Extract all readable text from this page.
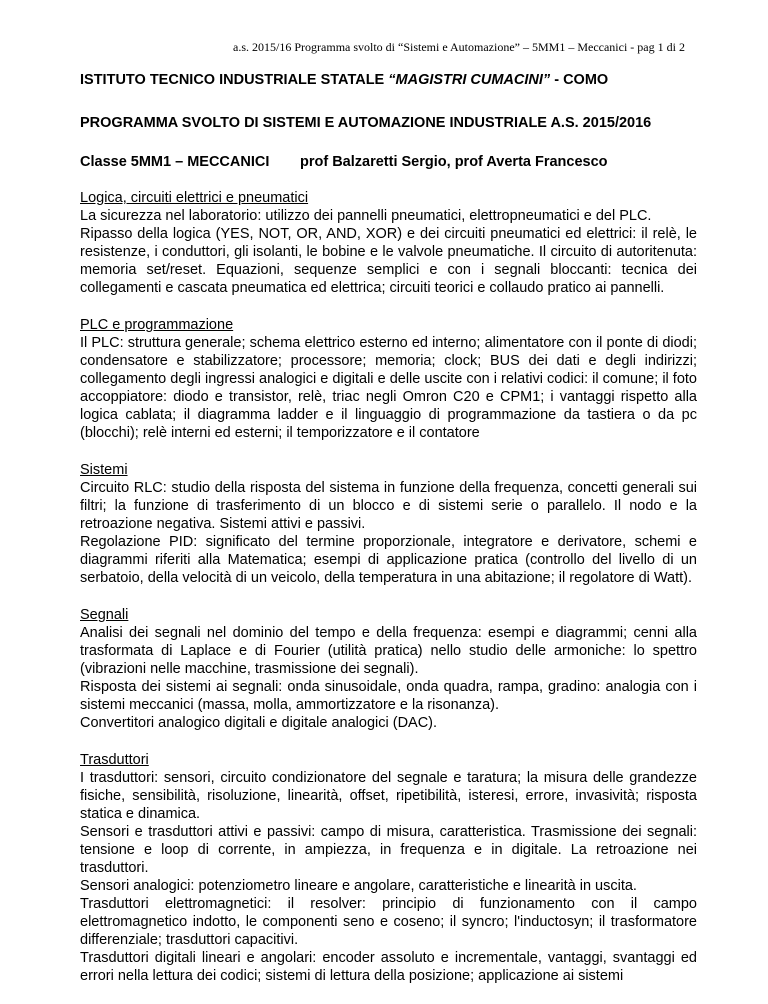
a.s. 2015/16 Programma svolto di “Sistemi e Automazione” – 5MM1 – Meccanici - pag 1 di 2

ISTITUTO TECNICO INDUSTRIALE STATALE “MAGISTRI CUMACINI” - COMO

PROGRAMMA SVOLTO DI SISTEMI E AUTOMAZIONE INDUSTRIALE A.S. 2015/2016

Classe 5MM1 – MECCANICI	prof Balzaretti Sergio, prof Averta Francesco

Logica, circuiti elettrici e pneumatici

La sicurezza nel laboratorio: utilizzo dei pannelli pneumatici, elettropneumatici e del PLC.

Ripasso della logica (YES, NOT, OR, AND, XOR) e dei circuiti pneumatici ed elettrici: il relè, le resistenze, i conduttori, gli isolanti, le bobine e le valvole pneumatiche. Il circuito di autoritenuta: memoria set/reset. Equazioni, sequenze semplici e con i segnali bloccanti: tecnica dei collegamenti e cascata pneumatica ed elettrica; circuiti teorici e collaudo pratico ai pannelli.

PLC e programmazione

Il PLC: struttura generale; schema elettrico esterno ed interno; alimentatore con il ponte di diodi; condensatore e stabilizzatore; processore; memoria; clock; BUS dei dati e degli indirizzi; collegamento degli ingressi analogici e digitali e delle uscite con i relativi codici: il comune; il foto accoppiatore: diodo e transistor, relè, triac negli Omron C20 e CPM1; i vantaggi rispetto alla logica cablata; il diagramma ladder e il linguaggio di programmazione da tastiera o da pc (blocchi); relè interni ed esterni; il temporizzatore e il contatore

Sistemi

Circuito RLC: studio della risposta del sistema in funzione della frequenza, concetti generali sui filtri; la funzione di trasferimento di un blocco e di sistemi serie o parallelo. Il nodo e la retroazione negativa. Sistemi attivi e passivi.

Regolazione PID: significato del termine proporzionale, integratore e derivatore, schemi e diagrammi riferiti alla Matematica; esempi di applicazione pratica (controllo del livello di un serbatoio, della velocità di un veicolo, della temperatura in una abitazione; il regolatore di Watt).

Segnali

Analisi dei segnali nel dominio del tempo e della frequenza: esempi e diagrammi; cenni alla trasformata di Laplace e di Fourier (utilità pratica) nello studio delle armoniche: lo spettro (vibrazioni nelle macchine, trasmissione dei segnali).

Risposta dei sistemi ai segnali: onda sinusoidale, onda quadra, rampa, gradino: analogia con i sistemi meccanici (massa, molla, ammortizzatore e la risonanza).

Convertitori analogico digitali e digitale analogici (DAC).

Trasduttori

I trasduttori: sensori, circuito condizionatore del segnale e taratura; la misura delle grandezze fisiche, sensibilità, risoluzione, linearità, offset, ripetibilità, isteresi, errore, invasività; risposta statica e dinamica.

Sensori e trasduttori attivi e passivi: campo di misura, caratteristica. Trasmissione dei segnali: tensione e loop di corrente, in ampiezza, in frequenza e in digitale. La retroazione nei trasduttori.

Sensori analogici: potenziometro lineare e angolare, caratteristiche e linearità in uscita.

Trasduttori elettromagnetici: il resolver: principio di funzionamento con il campo elettromagnetico indotto, le componenti seno e coseno; il syncro; l'inductosyn; il trasformatore differenziale; trasduttori capacitivi.

Trasduttori digitali lineari e angolari: encoder assoluto e incrementale, vantaggi, svantaggi ed errori nella lettura dei codici; sistemi di lettura della posizione; applicazione ai sistemi
